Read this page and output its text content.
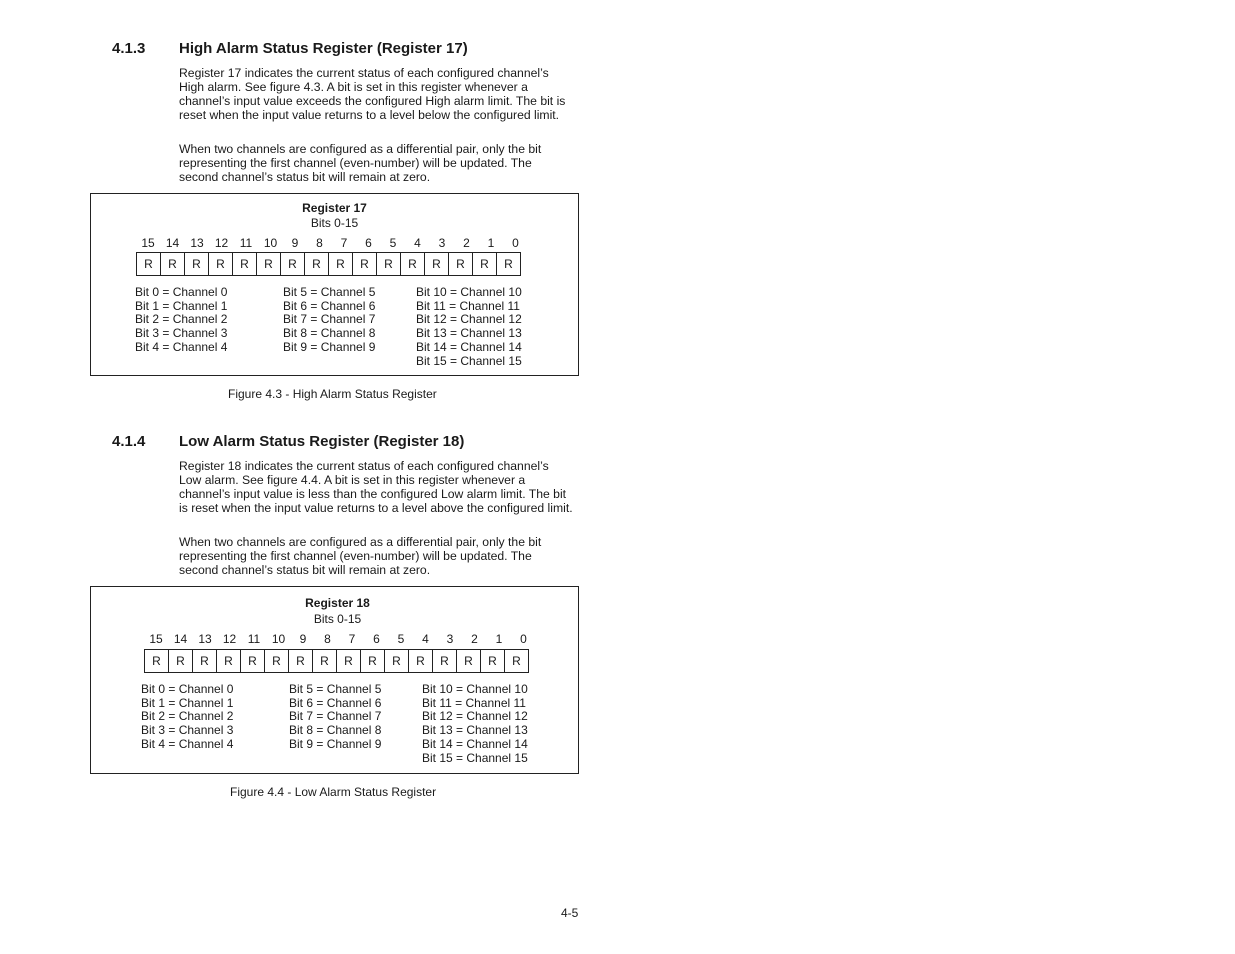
4.1.3 High Alarm Status Register (Register 17)

Register 17 indicates the current status of each configured channel’s High alarm. See figure 4.3. A bit is set in this register whenever a channel’s input value exceeds the configured High alarm limit. The bit is reset when the input value returns to a level below the configured limit.

When two channels are configured as a differential pair, only the bit representing the first channel (even-number) will be updated. The second channel’s status bit will remain at zero.

Register 17
Bits 0-15
15 14 13 12 11 10	9	8	7	6	5	4	3	2	1	0
R	R	R	R	R	R	R	R	R	R	R	R	R	R	R	R
Bit 0 = Channel 0
Bit 1 = Channel 1
Bit 2 = Channel 2
Bit 3 = Channel 3
Bit 4 = Channel 4
Bit 5 = Channel 5
Bit 6 = Channel 6
Bit 7 = Channel 7
Bit 8 = Channel 8
Bit 9 = Channel 9
Bit 10 = Channel 10
Bit 11 = Channel 11
Bit 12 = Channel 12
Bit 13 = Channel 13
Bit 14 = Channel 14
Bit 15 = Channel 15
Figure 4.3 - High Alarm Status Register
4.1.4 Low Alarm Status Register (Register 18)

Register 18 indicates the current status of each configured channel’s Low alarm. See figure 4.4. A bit is set in this register whenever a channel’s input value is less than the configured Low alarm limit. The bit is reset when the input value returns to a level above the configured limit.

When two channels are configured as a differential pair, only the bit representing the first channel (even-number) will be updated. The second channel’s status bit will remain at zero.

Register 18
Bits 0-15
15 14 13 12 11 10	9	8	7	6	5	4	3	2	1	0
R	R	R	R	R	R	R	R	R	R	R	R	R	R	R	R
Bit 0 = Channel 0
Bit 1 = Channel 1
Bit 2 = Channel 2
Bit 3 = Channel 3
Bit 4 = Channel 4
Bit 5 = Channel 5
Bit 6 = Channel 6
Bit 7 = Channel 7
Bit 8 = Channel 8
Bit 9 = Channel 9
Bit 10 = Channel 10
Bit 11 = Channel 11
Bit 12 = Channel 12
Bit 13 = Channel 13
Bit 14 = Channel 14
Bit 15 = Channel 15
Figure 4.4 - Low Alarm Status Register
4-5
